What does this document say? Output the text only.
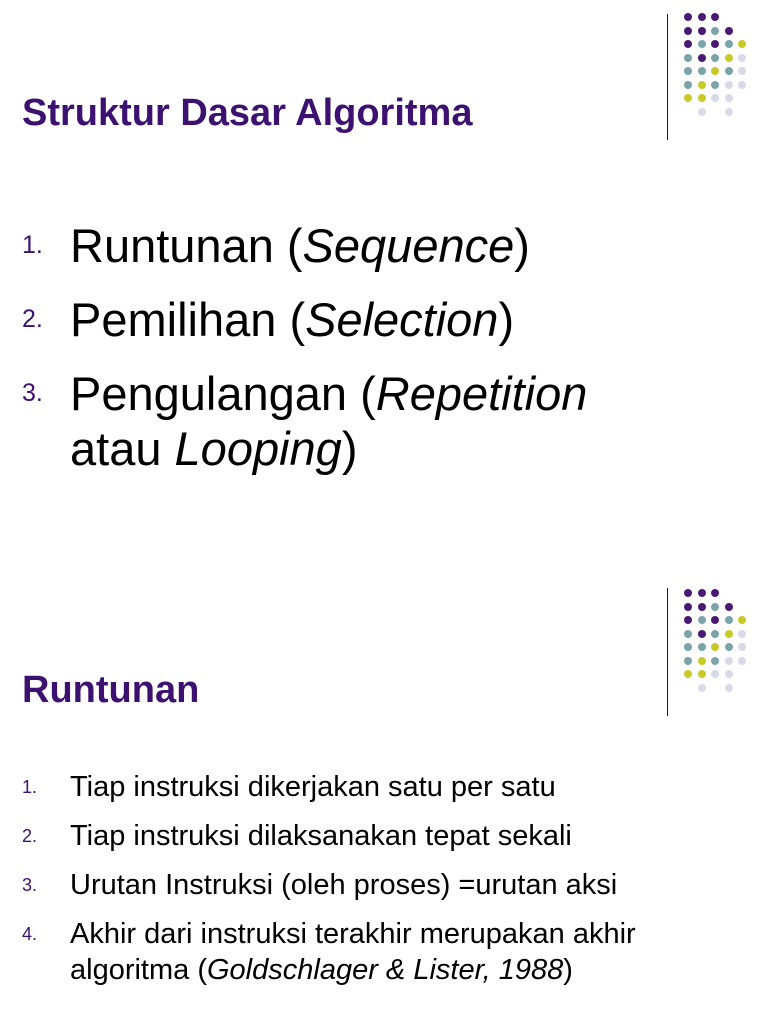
Struktur Dasar Algoritma
1. Runtunan (Sequence)
2. Pemilihan (Selection)
3. Pengulangan (Repetition atau Looping)
Runtunan
1. Tiap instruksi dikerjakan satu per satu
2. Tiap instruksi dilaksanakan tepat sekali
3. Urutan Instruksi (oleh proses) =urutan aksi
4. Akhir dari instruksi terakhir merupakan akhir algoritma (Goldschlager & Lister, 1988)
